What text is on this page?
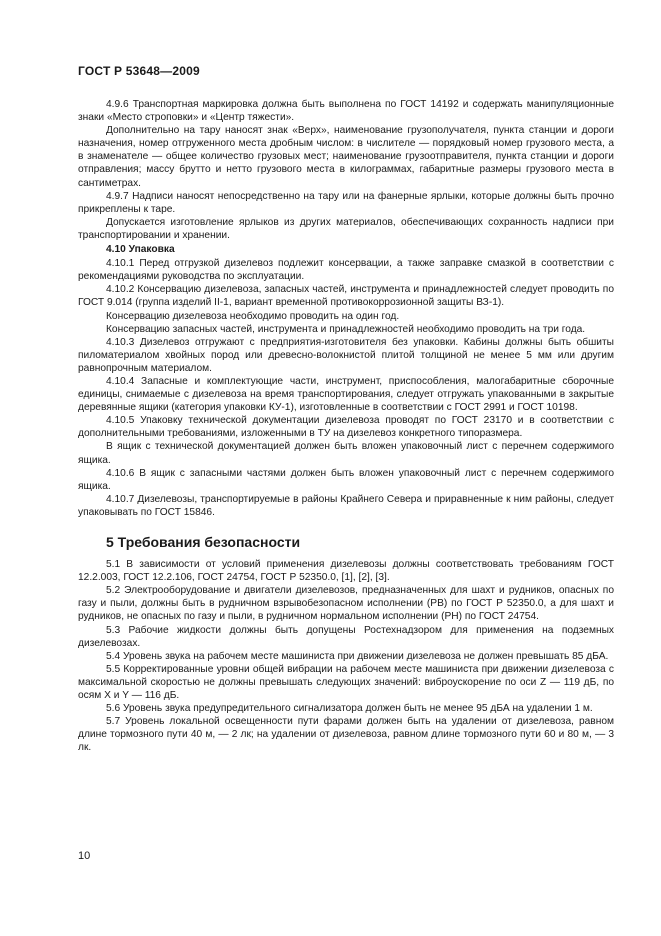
ГОСТ Р 53648—2009

4.9.6 Транспортная маркировка должна быть выполнена по ГОСТ 14192 и содержать манипуляционные знаки «Место строповки» и «Центр тяжести».

Дополнительно на тару наносят знак «Верх», наименование грузополучателя, пункта станции и дороги назначения, номер отгруженного места дробным числом: в числителе — порядковый номер грузового места, а в знаменателе — общее количество грузовых мест; наименование грузоотправителя, пункта станции и дороги отправления; массу брутто и нетто грузового места в килограммах, габаритные размеры грузового места в сантиметрах.

4.9.7 Надписи наносят непосредственно на тару или на фанерные ярлыки, которые должны быть прочно прикреплены к таре.

Допускается изготовление ярлыков из других материалов, обеспечивающих сохранность надписи при транспортировании и хранении.

4.10 Упаковка

4.10.1 Перед отгрузкой дизелевоз подлежит консервации, а также заправке смазкой в соответствии с рекомендациями руководства по эксплуатации.

4.10.2 Консервацию дизелевоза, запасных частей, инструмента и принадлежностей следует проводить по ГОСТ 9.014 (группа изделий II-1, вариант временной противокоррозионной защиты ВЗ-1).

Консервацию дизелевоза необходимо проводить на один год.

Консервацию запасных частей, инструмента и принадлежностей необходимо проводить на три года.

4.10.3 Дизелевоз отгружают с предприятия-изготовителя без упаковки. Кабины должны быть обшиты пиломатериалом хвойных пород или древесно-волокнистой плитой толщиной не менее 5 мм или другим равнопрочным материалом.

4.10.4 Запасные и комплектующие части, инструмент, приспособления, малогабаритные сборочные единицы, снимаемые с дизелевоза на время транспортирования, следует отгружать упакованными в закрытые деревянные ящики (категория упаковки КУ-1), изготовленные в соответствии с ГОСТ 2991 и ГОСТ 10198.

4.10.5 Упаковку технической документации дизелевоза проводят по ГОСТ 23170 и в соответствии с дополнительными требованиями, изложенными в ТУ на дизелевоз конкретного типоразмера.

В ящик с технической документацией должен быть вложен упаковочный лист с перечнем содержимого ящика.

4.10.6 В ящик с запасными частями должен быть вложен упаковочный лист с перечнем содержимого ящика.

4.10.7 Дизелевозы, транспортируемые в районы Крайнего Севера и приравненные к ним районы, следует упаковывать по ГОСТ 15846.

5 Требования безопасности

5.1 В зависимости от условий применения дизелевозы должны соответствовать требованиям ГОСТ 12.2.003, ГОСТ 12.2.106, ГОСТ 24754, ГОСТ Р 52350.0, [1], [2], [3].

5.2 Электрооборудование и двигатели дизелевозов, предназначенных для шахт и рудников, опасных по газу и пыли, должны быть в рудничном взрывобезопасном исполнении (РВ) по ГОСТ Р 52350.0, а для шахт и рудников, не опасных по газу и пыли, в рудничном нормальном исполнении (РН) по ГОСТ 24754.

5.3 Рабочие жидкости должны быть допущены Ростехнадзором для применения на подземных дизелевозах.

5.4 Уровень звука на рабочем месте машиниста при движении дизелевоза не должен превышать 85 дБА.

5.5 Корректированные уровни общей вибрации на рабочем месте машиниста при движении дизелевоза с максимальной скоростью не должны превышать следующих значений: виброускорение по оси Z — 119 дБ, по осям X и Y — 116 дБ.

5.6 Уровень звука предупредительного сигнализатора должен быть не менее 95 дБА на удалении 1 м.

5.7 Уровень локальной освещенности пути фарами должен быть на удалении от дизелевоза, равном длине тормозного пути 40 м, — 2 лк; на удалении от дизелевоза, равном длине тормозного пути 60 и 80 м, — 3 лк.

10
